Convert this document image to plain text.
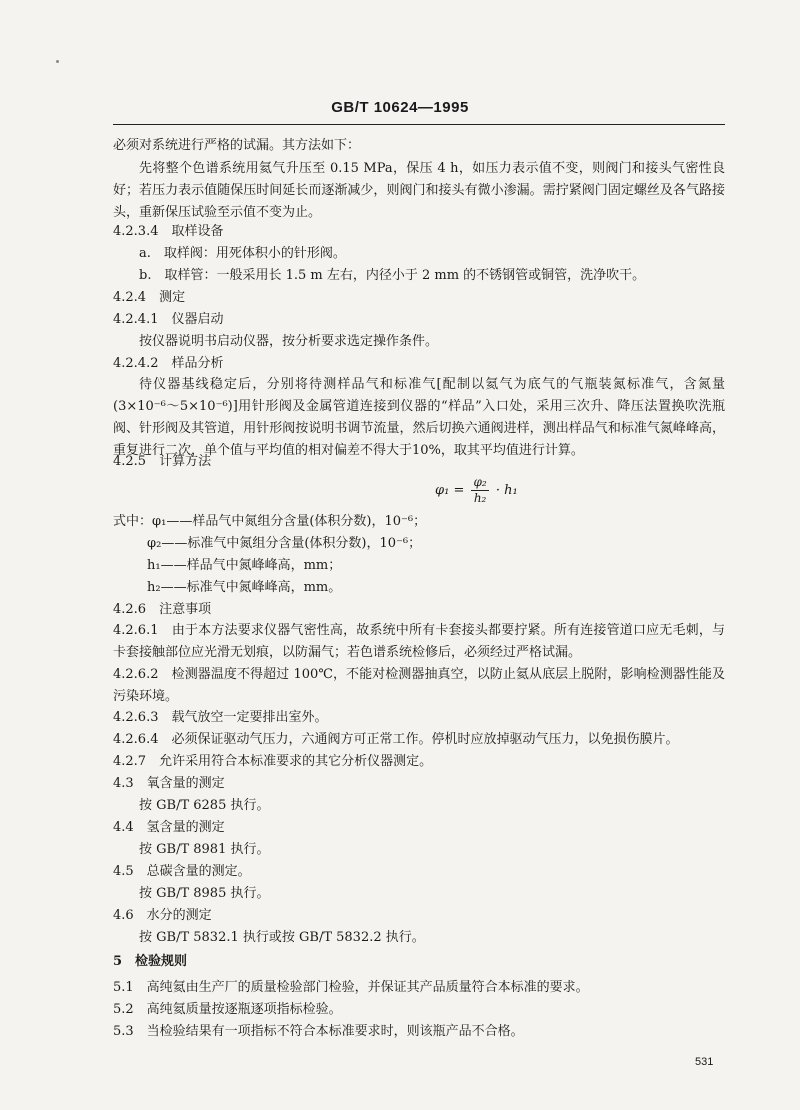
GB/T 10624—1995
必须对系统进行严格的试漏。其方法如下：
先将整个色谱系统用氦气升压至 0.15 MPa，保压 4 h，如压力表示值不变，则阀门和接头气密性良好；若压力表示值随保压时间延长而逐渐减少，则阀门和接头有微小渗漏。需拧紧阀门固定螺丝及各气路接头，重新保压试验至示值不变为止。
4.2.3.4　取样设备
a.　取样阀：用死体积小的针形阀。
b.　取样管：一般采用长 1.5 m 左右，内径小于 2 mm 的不锈钢管或铜管，洗净吹干。
4.2.4　测定
4.2.4.1　仪器启动
按仪器说明书启动仪器，按分析要求选定操作条件。
4.2.4.2　样品分析
待仪器基线稳定后，分别将待测样品气和标准气[配制以氦气为底气的气瓶装氮标准气，含氮量(3×10⁻⁶～5×10⁻⁶)]用针形阀及金属管道连接到仪器的“样品”入口处，采用三次升、降压法置换吹洗瓶阀、针形阀及其管道，用针形阀按说明书调节流量，然后切换六通阀进样，测出样品气和标准气氮峰峰高，重复进行二次，单个值与平均值的相对偏差不得大于10%，取其平均值进行计算。
4.2.5　计算方法
$\varphi_1 = \frac{\text{φ₂}}{\text{h₂}} \cdot h_1$
式中：φ₁——样品气中氮组分含量(体积分数)，10⁻⁶；
φ₂——标准气中氮组分含量(体积分数)，10⁻⁶；
h₁——样品气中氮峰峰高，mm；
h₂——标准气中氮峰峰高，mm。
4.2.6　注意事项
4.2.6.1　由于本方法要求仪器气密性高，故系统中所有卡套接头都要拧紧。所有连接管道口应无毛刺，与卡套接触部位应光滑无划痕，以防漏气；若色谱系统检修后，必须经过严格试漏。
4.2.6.2　检测器温度不得超过 100℃，不能对检测器抽真空，以防止氦从底层上脱附，影响检测器性能及污染环境。
4.2.6.3　载气放空一定要排出室外。
4.2.6.4　必须保证驱动气压力，六通阀方可正常工作。停机时应放掉驱动气压力，以免损伤膜片。
4.2.7　允许采用符合本标准要求的其它分析仪器测定。
4.3　氧含量的测定
按 GB/T 6285 执行。
4.4　氢含量的测定
按 GB/T 8981 执行。
4.5　总碳含量的测定。
按 GB/T 8985 执行。
4.6　水分的测定
按 GB/T 5832.1 执行或按 GB/T 5832.2 执行。
5　检验规则
5.1　高纯氦由生产厂的质量检验部门检验，并保证其产品质量符合本标准的要求。
5.2　高纯氦质量按逐瓶逐项指标检验。
5.3　当检验结果有一项指标不符合本标准要求时，则该瓶产品不合格。
531
